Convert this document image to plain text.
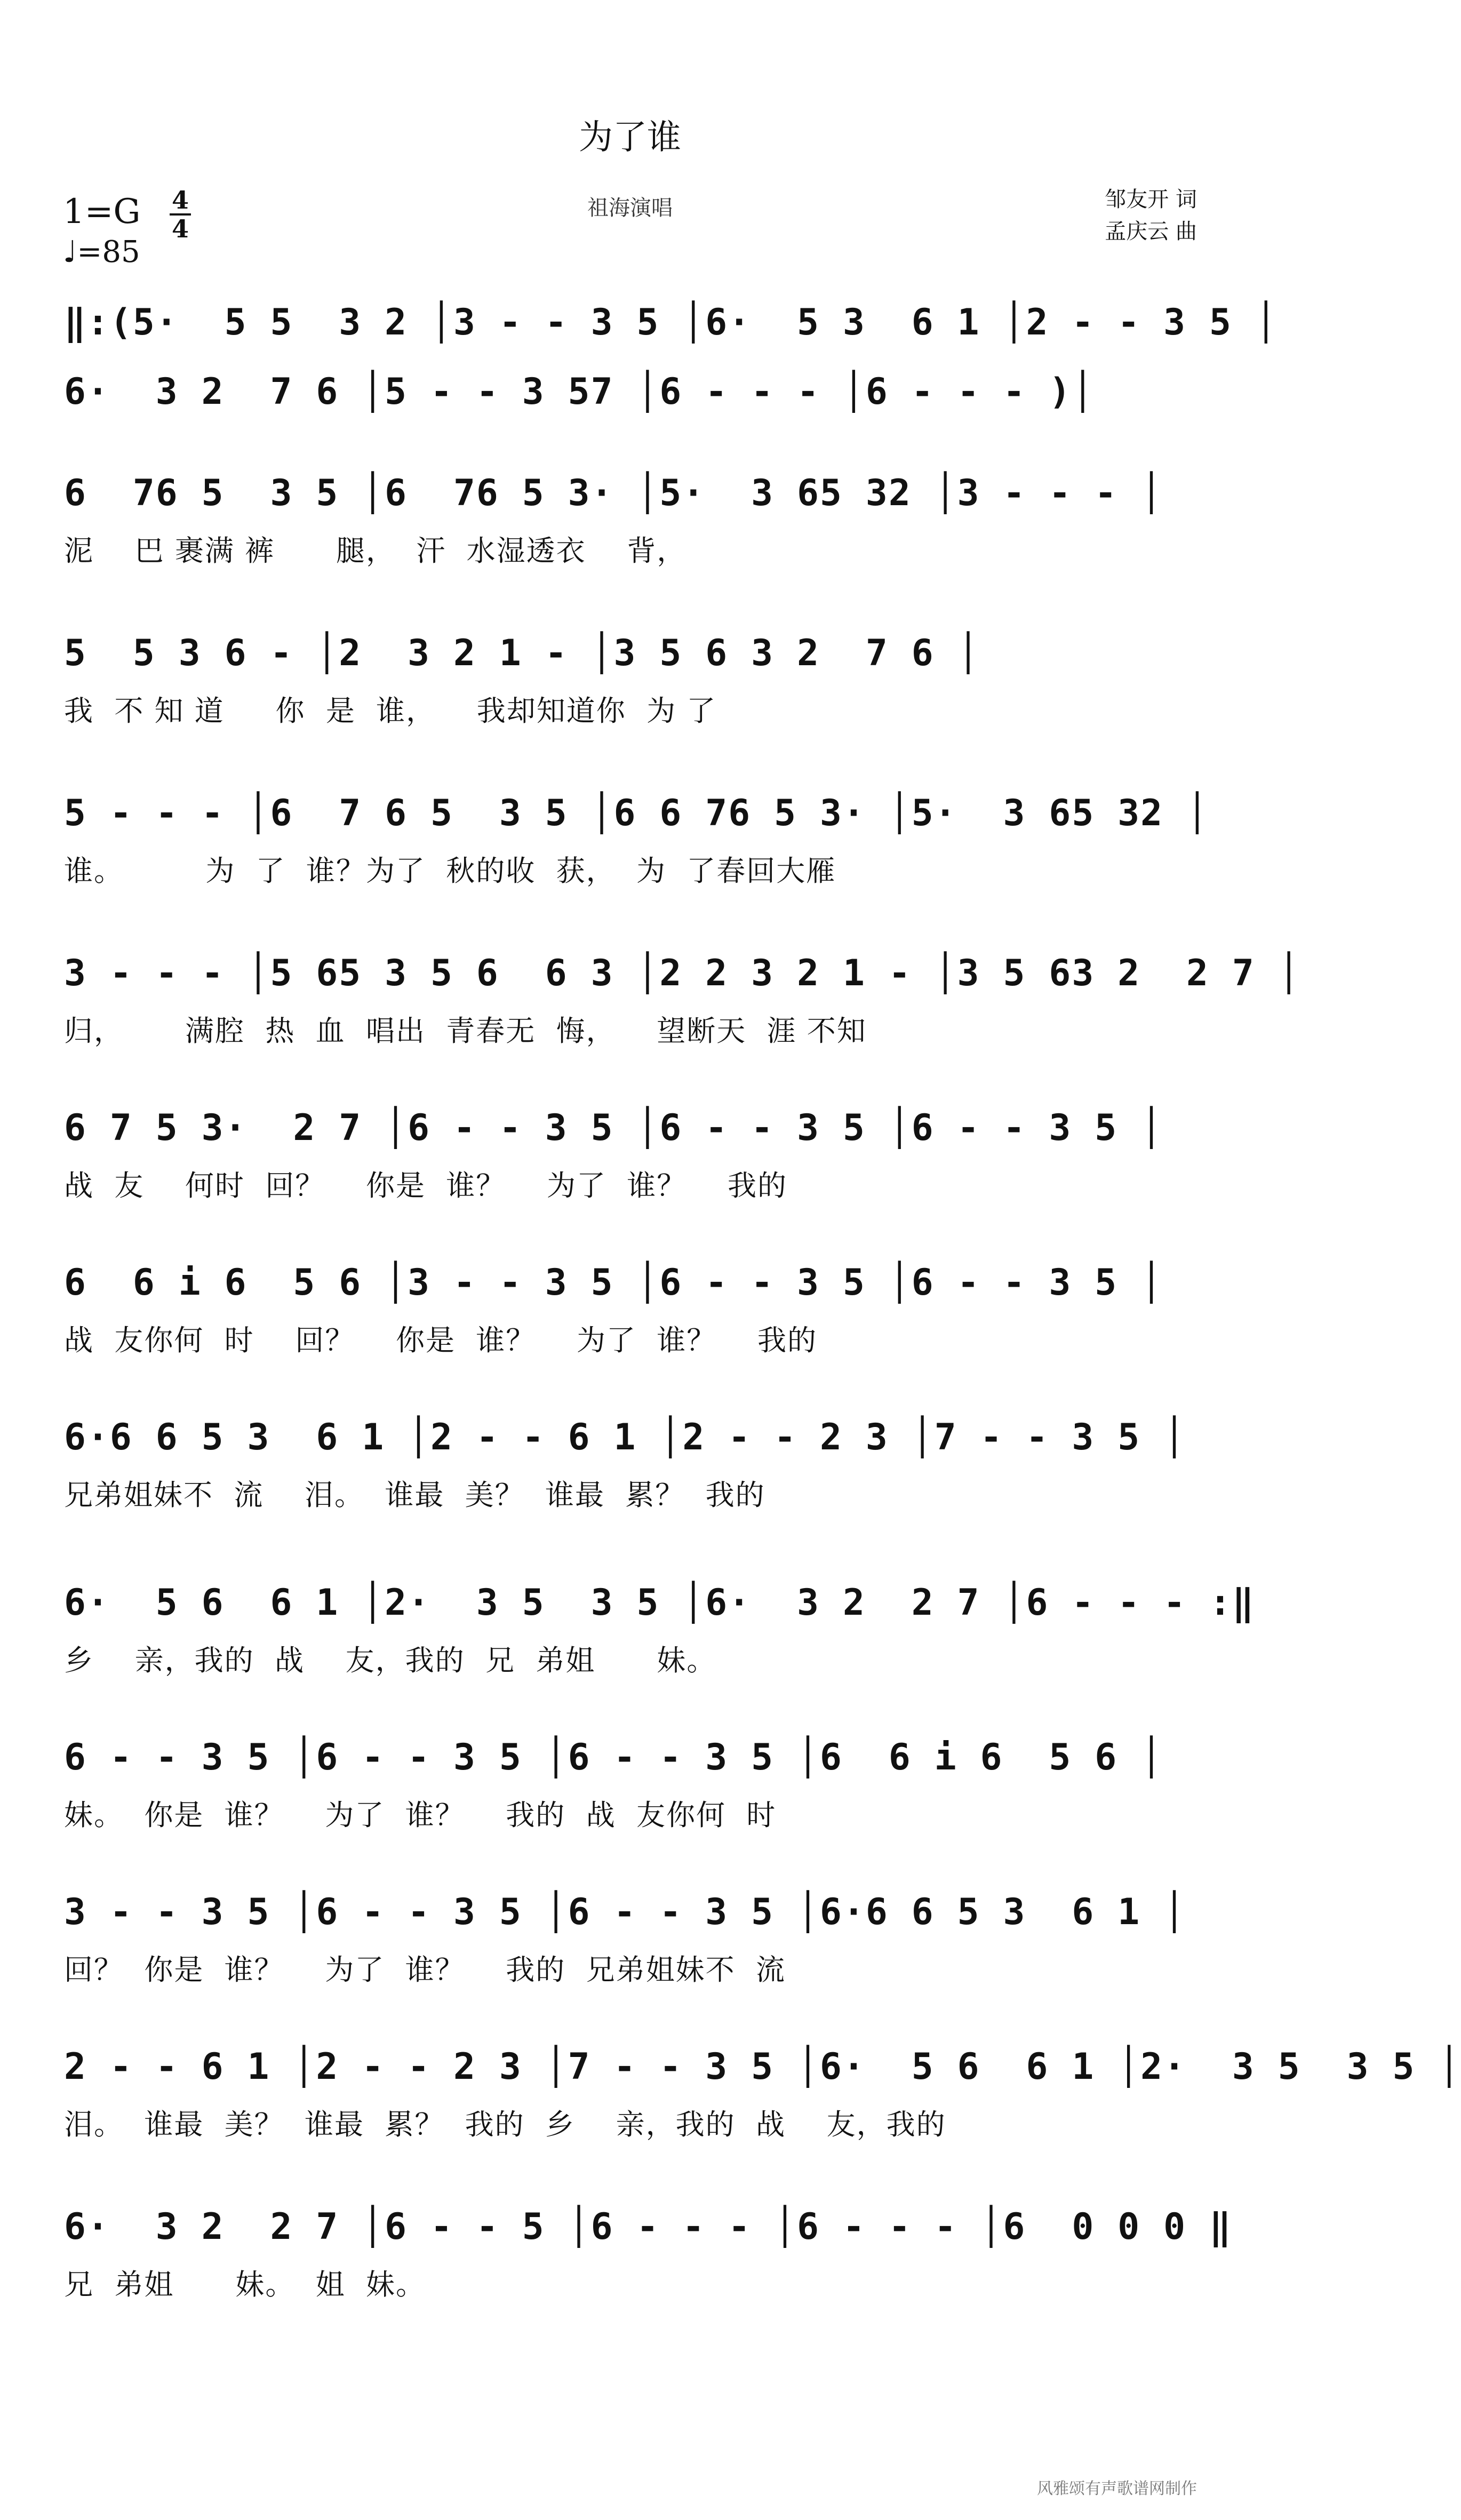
为了谁
祖海演唱
1=G 4
4
♩=85
邹友开 词
孟庆云 曲
‖:(5·  5 5  3 2 │3 - - 3 5 │6·  5 3  6 1 │2 - - 3 5 │
6·  3 2  7 6 │5 - - 3 57 │6 - - - │6 - - - )│
6  76 5  3 5 │6  76 5 3· │5·  3 65 32 │3 - - - │
泥    巴 裹满 裤      腿，  汗  水湿透衣    背，
5  5 3 6 - │2  3 2 1 - │3 5 6 3 2  7 6 │
我  不 知 道     你  是  谁，    我却知道你  为 了
5 - - - │6  7 6 5  3 5 │6 6 76 5 3· │5·  3 65 32 │
谁。        为  了  谁？为了  秋的收  获，  为  了春回大雁
3 - - - │5 65 3 5 6  6 3 │2 2 3 2 1 - │3 5 63 2  2 7 │
归，      满腔  热  血  唱出  青春无  悔，    望断天  涯 不知
6 7 5 3·  2 7 │6 - - 3 5 │6 - - 3 5 │6 - - 3 5 │
战  友    何时  回？    你是  谁？    为了  谁？    我的
6  6 i 6  5 6 │3 - - 3 5 │6 - - 3 5 │6 - - 3 5 │
战  友你何  时    回？    你是  谁？    为了  谁？    我的
6·6 6 5 3  6 1 │2 - - 6 1 │2 - - 2 3 │7 - - 3 5 │
兄弟姐妹不  流    泪。  谁最  美？  谁最  累？  我的
6·  5 6  6 1 │2·  3 5  3 5 │6·  3 2  2 7 │6 - - - :‖
乡    亲，我的  战    友，我的  兄  弟姐      妹。
6 - - 3 5 │6 - - 3 5 │6 - - 3 5 │6  6 i 6  5 6 │
妹。  你是  谁？    为了  谁？    我的  战  友你何  时
3 - - 3 5 │6 - - 3 5 │6 - - 3 5 │6·6 6 5 3  6 1 │
回？  你是  谁？    为了  谁？    我的  兄弟姐妹不  流
2 - - 6 1 │2 - - 2 3 │7 - - 3 5 │6·  5 6  6 1 │2·  3 5  3 5 │
泪。  谁最  美？  谁最  累？  我的  乡    亲，我的  战    友，我的
6·  3 2  2 7 │6 - - 5 │6 - - - │6 - - - │6  0 0 0 ‖
兄  弟姐      妹。  姐  妹。
风雅颂有声歌谱网制作
